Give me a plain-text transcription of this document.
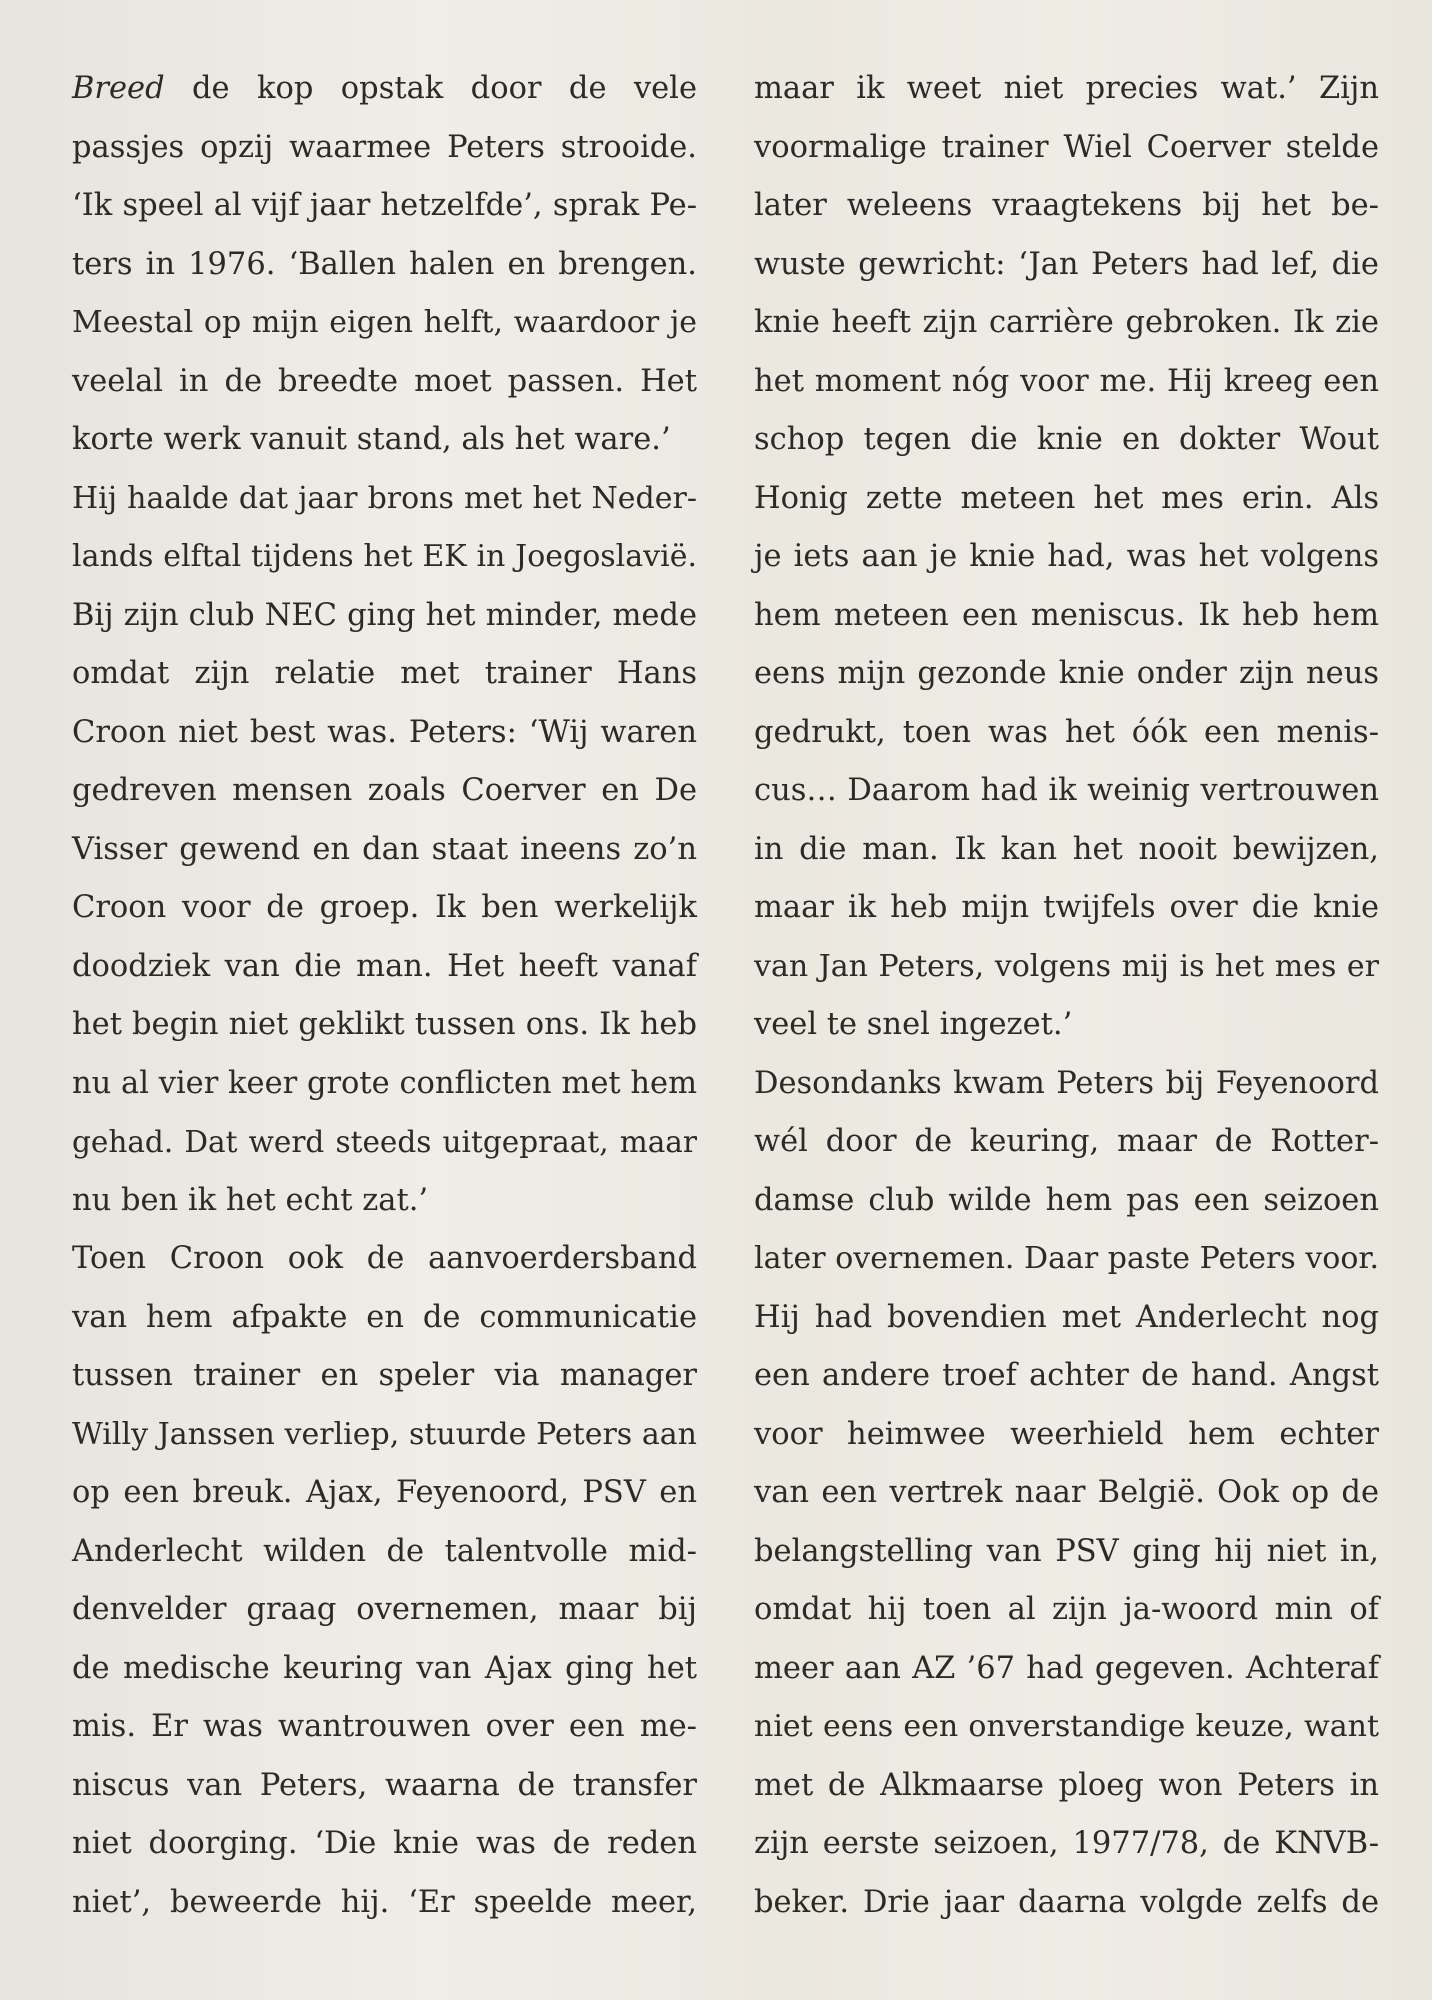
Breed de kop opstak door de vele
passjes opzij waarmee Peters strooide.
‘Ik speel al vijf jaar hetzelfde’, sprak Pe-
ters in 1976. ‘Ballen halen en brengen.
Meestal op mijn eigen helft, waardoor je
veelal in de breedte moet passen. Het
korte werk vanuit stand, als het ware.’
Hij haalde dat jaar brons met het Neder-
lands elftal tijdens het EK in Joegoslavië.
Bij zijn club NEC ging het minder, mede
omdat zijn relatie met trainer Hans
Croon niet best was. Peters: ‘Wij waren
gedreven mensen zoals Coerver en De
Visser gewend en dan staat ineens zo’n
Croon voor de groep. Ik ben werkelijk
doodziek van die man. Het heeft vanaf
het begin niet geklikt tussen ons. Ik heb
nu al vier keer grote conflicten met hem
gehad. Dat werd steeds uitgepraat, maar
nu ben ik het echt zat.’
Toen Croon ook de aanvoerdersband
van hem afpakte en de communicatie
tussen trainer en speler via manager
Willy Janssen verliep, stuurde Peters aan
op een breuk. Ajax, Feyenoord, PSV en
Anderlecht wilden de talentvolle mid-
denvelder graag overnemen, maar bij
de medische keuring van Ajax ging het
mis. Er was wantrouwen over een me-
niscus van Peters, waarna de transfer
niet doorging. ‘Die knie was de reden
niet’, beweerde hij. ‘Er speelde meer,
maar ik weet niet precies wat.’ Zijn
voormalige trainer Wiel Coerver stelde
later weleens vraagtekens bij het be-
wuste gewricht: ‘Jan Peters had lef, die
knie heeft zijn carrière gebroken. Ik zie
het moment nóg voor me. Hij kreeg een
schop tegen die knie en dokter Wout
Honig zette meteen het mes erin. Als
je iets aan je knie had, was het volgens
hem meteen een meniscus. Ik heb hem
eens mijn gezonde knie onder zijn neus
gedrukt, toen was het óók een menis-
cus… Daarom had ik weinig vertrouwen
in die man. Ik kan het nooit bewijzen,
maar ik heb mijn twijfels over die knie
van Jan Peters, volgens mij is het mes er
veel te snel ingezet.’
Desondanks kwam Peters bij Feyenoord
wél door de keuring, maar de Rotter-
damse club wilde hem pas een seizoen
later overnemen. Daar paste Peters voor.
Hij had bovendien met Anderlecht nog
een andere troef achter de hand. Angst
voor heimwee weerhield hem echter
van een vertrek naar België. Ook op de
belangstelling van PSV ging hij niet in,
omdat hij toen al zijn ja-woord min of
meer aan AZ ’67 had gegeven. Achteraf
niet eens een onverstandige keuze, want
met de Alkmaarse ploeg won Peters in
zijn eerste seizoen, 1977/78, de KNVB-
beker. Drie jaar daarna volgde zelfs de
